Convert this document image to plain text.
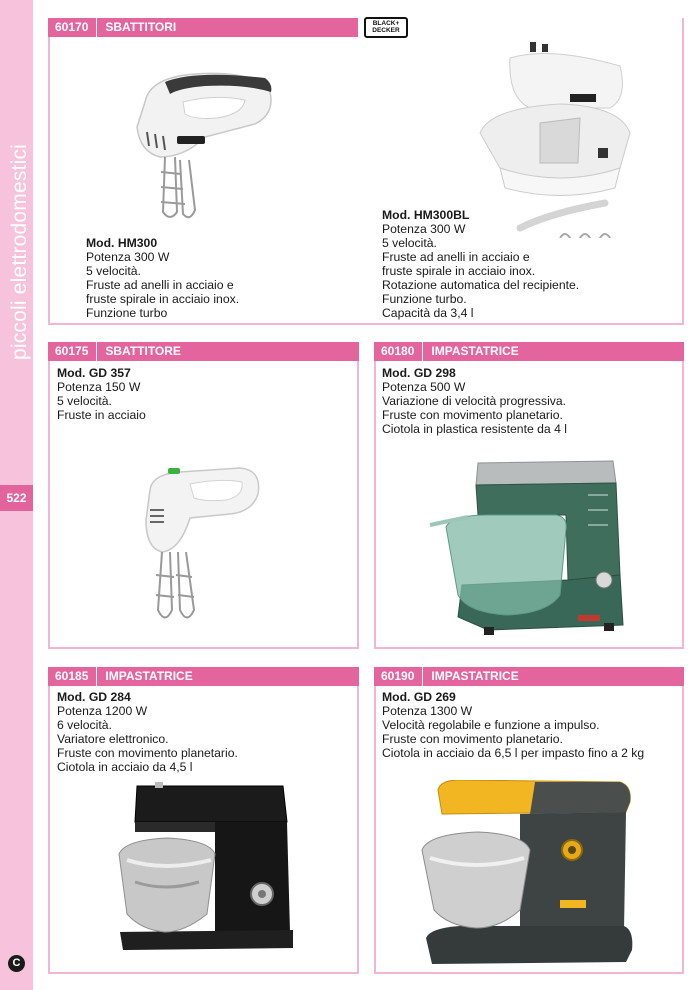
piccoli elettrodomestici
522
C
60170 SBATTITORI	BLACK+
DECKER
Mod. HM300
Potenza 300 W
5 velocità.
Fruste ad anelli in acciaio e
fruste spirale in acciaio inox.
Funzione turbo
Mod. HM300BL
Potenza 300 W
5 velocità.
Fruste ad anelli in acciaio e
fruste spirale in acciaio inox.
Rotazione automatica del recipiente.
Funzione turbo.
Capacità da 3,4 l
60175 SBATTITORE
Mod. GD 357
Potenza 150 W
5 velocità.
Fruste in acciaio
60180 IMPASTATRICE
Mod. GD 298
Potenza 500 W
Variazione di velocità progressiva.
Fruste con movimento planetario.
Ciotola in plastica resistente da 4 l
60185 IMPASTATRICE
Mod. GD 284
Potenza 1200 W
6 velocità.
Variatore elettronico.
Fruste con movimento planetario.
Ciotola in acciaio da 4,5 l
60190 IMPASTATRICE
Mod. GD 269
Potenza 1300 W
Velocità regolabile e funzione a impulso.
Fruste con movimento planetario.
Ciotola in acciaio da 6,5 l per impasto fino a 2 kg
